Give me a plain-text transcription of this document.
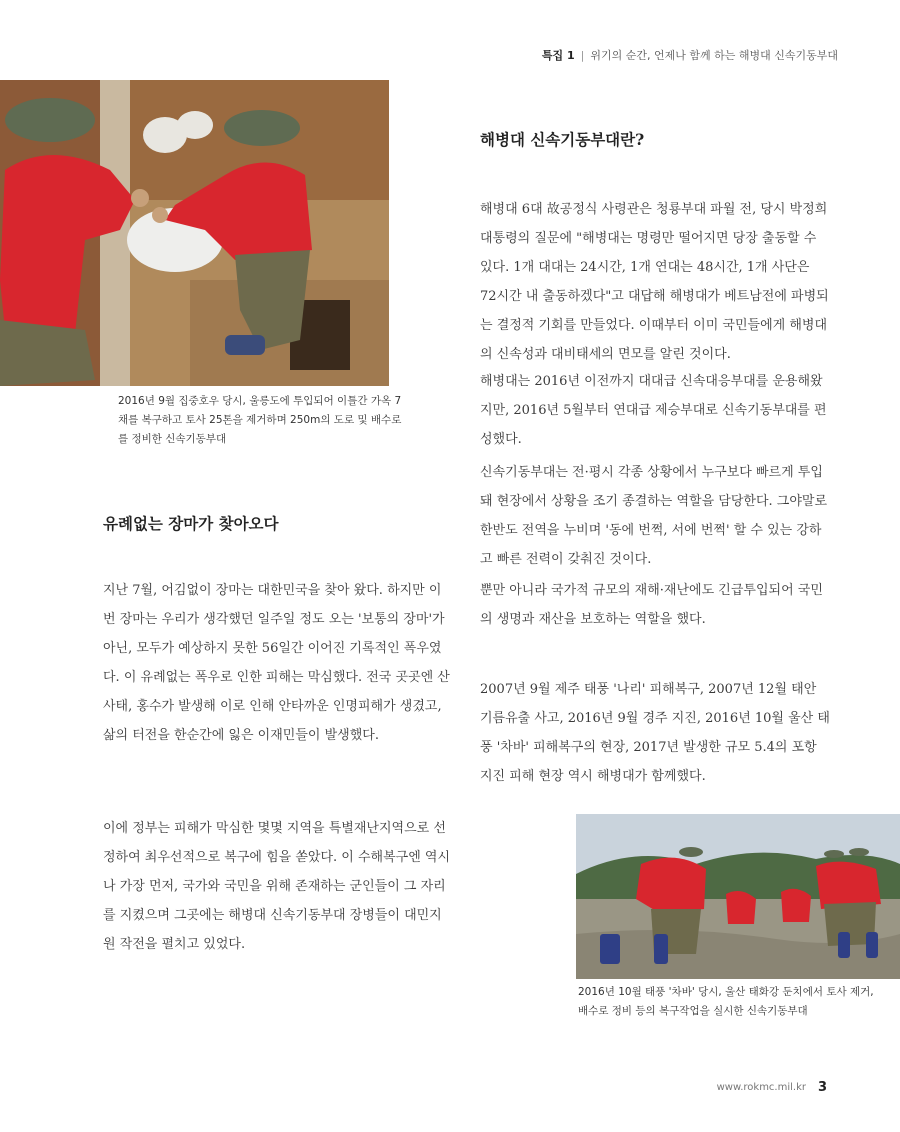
특집 1 | 위기의 순간, 언제나 함께 하는 해병대 신속기동부대
2016년 9월 집중호우 당시, 울릉도에 투입되어 이틀간 가옥 7채를 복구하고 토사 25톤을 제거하며 250m의 도로 및 배수로를 정비한 신속기동부대
유례없는 장마가 찾아오다

지난 7월, 어김없이 장마는 대한민국을 찾아 왔다. 하지만 이번 장마는 우리가 생각했던 일주일 정도 오는 '보통의 장마'가 아닌, 모두가 예상하지 못한 56일간 이어진 기록적인 폭우였다. 이 유례없는 폭우로 인한 피해는 막심했다. 전국 곳곳엔 산사태, 홍수가 발생해 이로 인해 안타까운 인명피해가 생겼고, 삶의 터전을 한순간에 잃은 이재민들이 발생했다.

이에 정부는 피해가 막심한 몇몇 지역을 특별재난지역으로 선정하여 최우선적으로 복구에 힘을 쏟았다. 이 수해복구엔 역시나 가장 먼저, 국가와 국민을 위해 존재하는 군인들이 그 자리를 지켰으며 그곳에는 해병대 신속기동부대 장병들이 대민지원 작전을 펼치고 있었다.

해병대 신속기동부대란?

해병대 6대 故공정식 사령관은 청룡부대 파월 전, 당시 박정희 대통령의 질문에 "해병대는 명령만 떨어지면 당장 출동할 수 있다. 1개 대대는 24시간, 1개 연대는 48시간, 1개 사단은 72시간 내 출동하겠다"고 대답해 해병대가 베트남전에 파병되는 결정적 기회를 만들었다. 이때부터 이미 국민들에게 해병대의 신속성과 대비태세의 면모를 알린 것이다.

해병대는 2016년 이전까지 대대급 신속대응부대를 운용해왔지만, 2016년 5월부터 연대급 제승부대로 신속기동부대를 편성했다.

신속기동부대는 전·평시 각종 상황에서 누구보다 빠르게 투입돼 현장에서 상황을 조기 종결하는 역할을 담당한다. 그야말로 한반도 전역을 누비며 '동에 번쩍, 서에 번쩍' 할 수 있는 강하고 빠른 전력이 갖춰진 것이다.

뿐만 아니라 국가적 규모의 재해·재난에도 긴급투입되어 국민의 생명과 재산을 보호하는 역할을 했다.

2007년 9월 제주 태풍 '나리' 피해복구, 2007년 12월 태안 기름유출 사고, 2016년 9월 경주 지진, 2016년 10월 울산 태풍 '차바' 피해복구의 현장, 2017년 발생한 규모 5.4의 포항 지진 피해 현장 역시 해병대가 함께했다.

2016년 10월 태풍 '차바' 당시, 울산 태화강 둔치에서 토사 제거, 배수로 정비 등의 복구작업을 실시한 신속기동부대
www.rokmc.mil.kr 3
